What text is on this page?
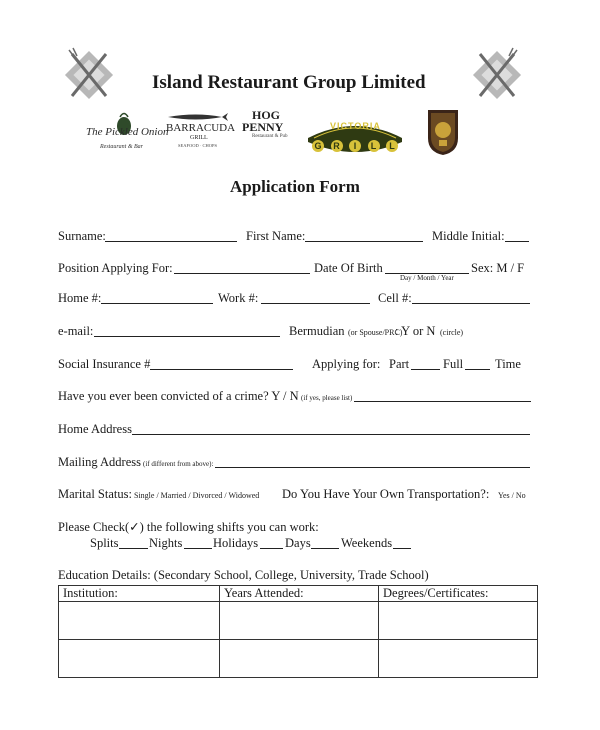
Island Restaurant Group Limited
The Pickled Onion
Restaurant & Bar
BARRACUDA
GRILL
SEAFOOD · CHOPS
HOG
PENNY
Restaurant & Pub
VICTORIA
G	R	I	L	L
Application Form
Surname:	First Name:	Middle Initial:
Position Applying For:	Date Of Birth
Day / Month / Year
Sex: M / F
Home #:	Work #:	Cell #:
e-mail:	Bermudian (or Spouse/PRC)
: Y or N (circle)
Social Insurance #	Applying for: Part	Full	Time
Have you ever been convicted of a crime? Y / N (if yes, please list)
Home Address
Mailing Address (if different from above):
Marital Status: Single / Married / Divorced / Widowed Do You Have Your Own Transportation?: Yes / No
Please Check(✓) the following shifts you can work:
Splits Nights Holidays Days Weekends
Education Details: (Secondary School, College, University, Trade School)
Institution:	Years Attended:	Degrees/Certificates:
